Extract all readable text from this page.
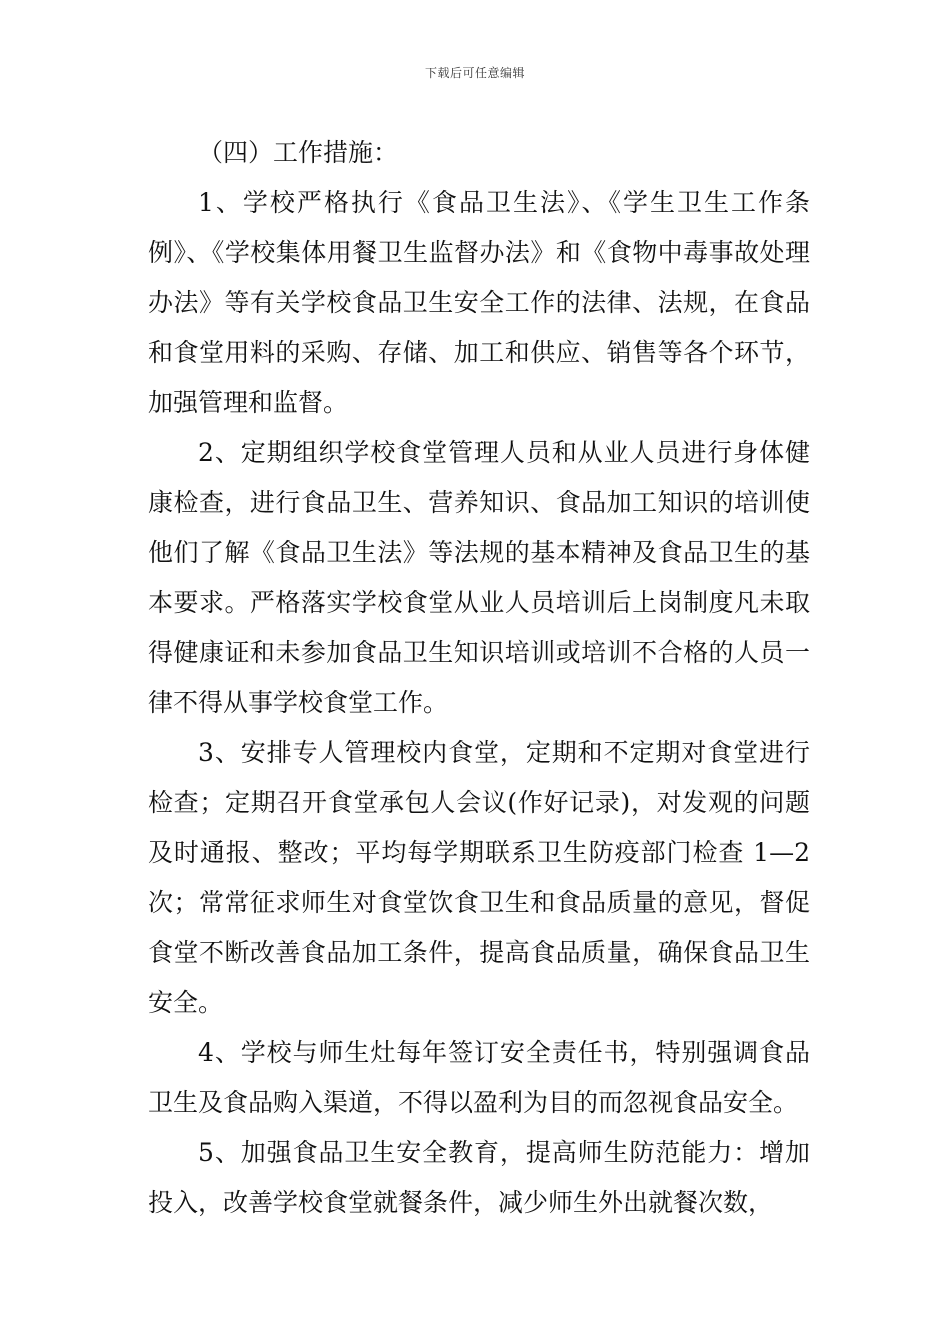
下载后可任意编辑

（四）工作措施：

1、学校严格执行《食品卫生法》、《学生卫生工作条例》、《学校集体用餐卫生监督办法》和《食物中毒事故处理办法》等有关学校食品卫生安全工作的法律、法规，在食品和食堂用料的采购、存储、加工和供应、销售等各个环节，加强管理和监督。

2、定期组织学校食堂管理人员和从业人员进行身体健康检查，进行食品卫生、营养知识、食品加工知识的培训使他们了解《食品卫生法》等法规的基本精神及食品卫生的基本要求。严格落实学校食堂从业人员培训后上岗制度凡未取得健康证和未参加食品卫生知识培训或培训不合格的人员一律不得从事学校食堂工作。

3、安排专人管理校内食堂，定期和不定期对食堂进行检查；定期召开食堂承包人会议(作好记录)，对发观的问题及时通报、整改；平均每学期联系卫生防疫部门检查 1—2 次；常常征求师生对食堂饮食卫生和食品质量的意见，督促食堂不断改善食品加工条件，提高食品质量，确保食品卫生安全。

4、学校与师生灶每年签订安全责任书，特别强调食品卫生及食品购入渠道，不得以盈利为目的而忽视食品安全。

5、加强食品卫生安全教育，提高师生防范能力：增加投入，改善学校食堂就餐条件，减少师生外出就餐次数，
